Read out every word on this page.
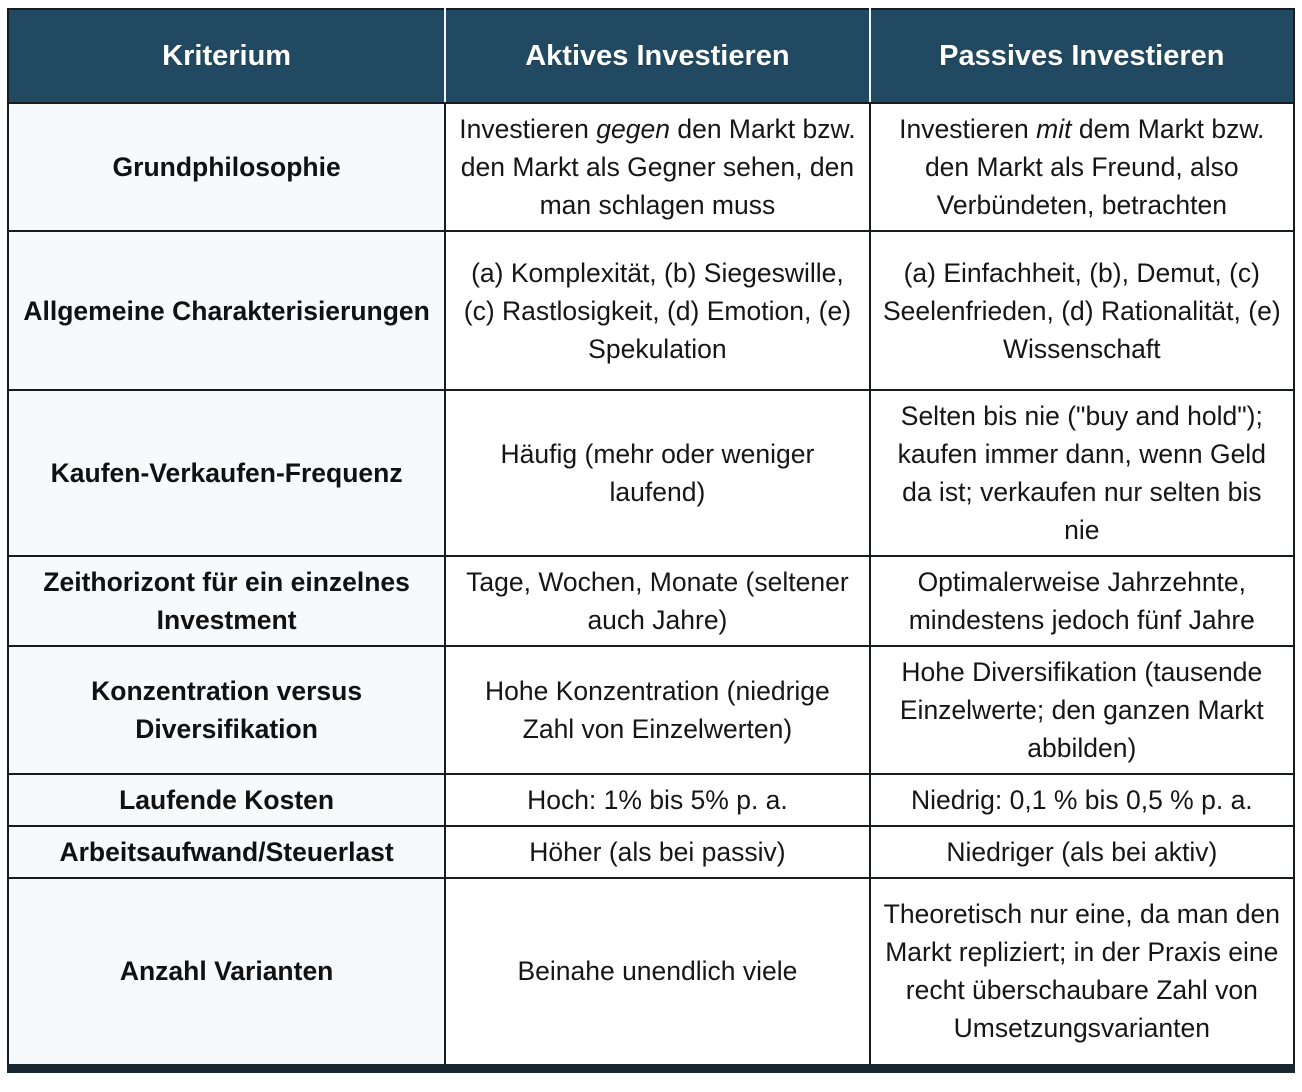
Kriterium	Aktives Investieren	Passives Investieren
Grundphilosophie	Investieren gegen den Markt bzw. den Markt als Gegner sehen, den man schlagen muss	Investieren mit dem Markt bzw. den Markt als Freund, also Verbündeten, betrachten
Allgemeine Charakterisierungen	(a) Komplexität, (b) Siegeswille, (c) Rastlosigkeit, (d) Emotion, (e) Spekulation	(a) Einfachheit, (b), Demut, (c) Seelenfrieden, (d) Rationalität, (e) Wissenschaft
Kaufen-Verkaufen-Frequenz	Häufig (mehr oder weniger laufend)	Selten bis nie ("buy and hold"); kaufen immer dann, wenn Geld da ist; verkaufen nur selten bis nie
Zeithorizont für ein einzelnes Investment	Tage, Wochen, Monate (seltener auch Jahre)	Optimalerweise Jahrzehnte, mindestens jedoch fünf Jahre
Konzentration versus Diversifikation	Hohe Konzentration (niedrige Zahl von Einzelwerten)	Hohe Diversifikation (tausende Einzelwerte; den ganzen Markt abbilden)
Laufende Kosten	Hoch: 1% bis 5% p. a.	Niedrig: 0,1 % bis 0,5 % p. a.
Arbeitsaufwand/Steuerlast	Höher (als bei passiv)	Niedriger (als bei aktiv)
Anzahl Varianten	Beinahe unendlich viele	Theoretisch nur eine, da man den Markt repliziert; in der Praxis eine recht überschaubare Zahl von Umsetzungsvarianten
